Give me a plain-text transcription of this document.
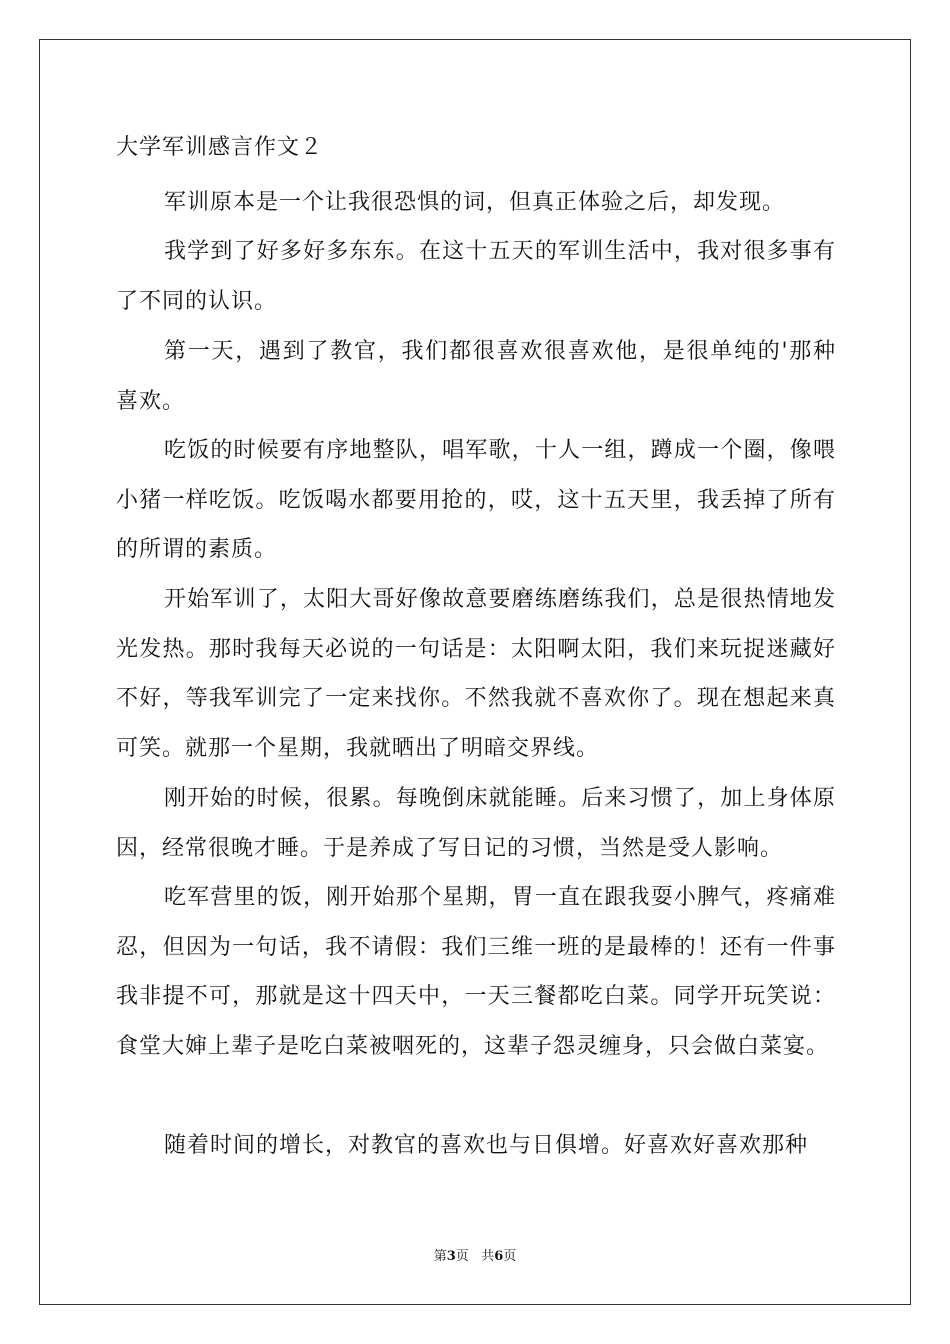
大学军训感言作文２

军训原本是一个让我很恐惧的词，但真正体验之后，却发现。

我学到了好多好多东东。在这十五天的军训生活中，我对很多事有了不同的认识。

第一天，遇到了教官，我们都很喜欢很喜欢他，是很单纯的'那种喜欢。

吃饭的时候要有序地整队，唱军歌，十人一组，蹲成一个圈，像喂小猪一样吃饭。吃饭喝水都要用抢的，哎，这十五天里，我丢掉了所有的所谓的素质。

开始军训了，太阳大哥好像故意要磨练磨练我们，总是很热情地发光发热。那时我每天必说的一句话是：太阳啊太阳，我们来玩捉迷藏好不好，等我军训完了一定来找你。不然我就不喜欢你了。现在想起来真可笑。就那一个星期，我就晒出了明暗交界线。

刚开始的时候，很累。每晚倒床就能睡。后来习惯了，加上身体原因，经常很晚才睡。于是养成了写日记的习惯，当然是受人影响。

吃军营里的饭，刚开始那个星期，胃一直在跟我耍小脾气，疼痛难忍，但因为一句话，我不请假：我们三维一班的是最棒的！还有一件事我非提不可，那就是这十四天中，一天三餐都吃白菜。同学开玩笑说：食堂大婶上辈子是吃白菜被咽死的，这辈子怨灵缠身，只会做白菜宴。

随着时间的增长，对教官的喜欢也与日俱增。好喜欢好喜欢那种

第3页 共6页
